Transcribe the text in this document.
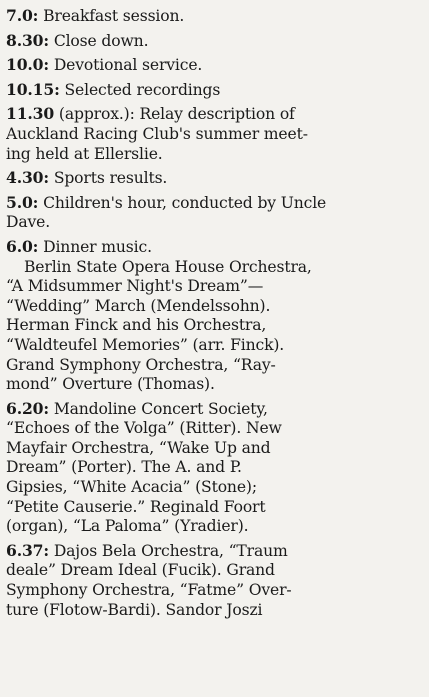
7.0: Breakfast session.
8.30: Close down.
10.0: Devotional service.
10.15: Selected recordings
11.30 (approx.): Relay description of
Auckland Racing Club's summer meet-
ing held at Ellerslie.
4.30: Sports results.
5.0: Children's hour, conducted by Uncle
Dave.
6.0: Dinner music.
Berlin State Opera House Orchestra,
“A Midsummer Night's Dream”—
“Wedding” March (Mendelssohn).
Herman Finck and his Orchestra,
“Waldteufel Memories” (arr. Finck).
Grand Symphony Orchestra, “Ray-
mond” Overture (Thomas).
6.20: Mandoline Concert Society,
“Echoes of the Volga” (Ritter). New
Mayfair Orchestra, “Wake Up and
Dream” (Porter). The A. and P.
Gipsies, “White Acacia” (Stone);
“Petite Causerie.” Reginald Foort
(organ), “La Paloma” (Yradier).
6.37: Dajos Bela Orchestra, “Traum
deale” Dream Ideal (Fucik). Grand
Symphony Orchestra, “Fatme” Over-
ture (Flotow-Bardi). Sandor Joszi
